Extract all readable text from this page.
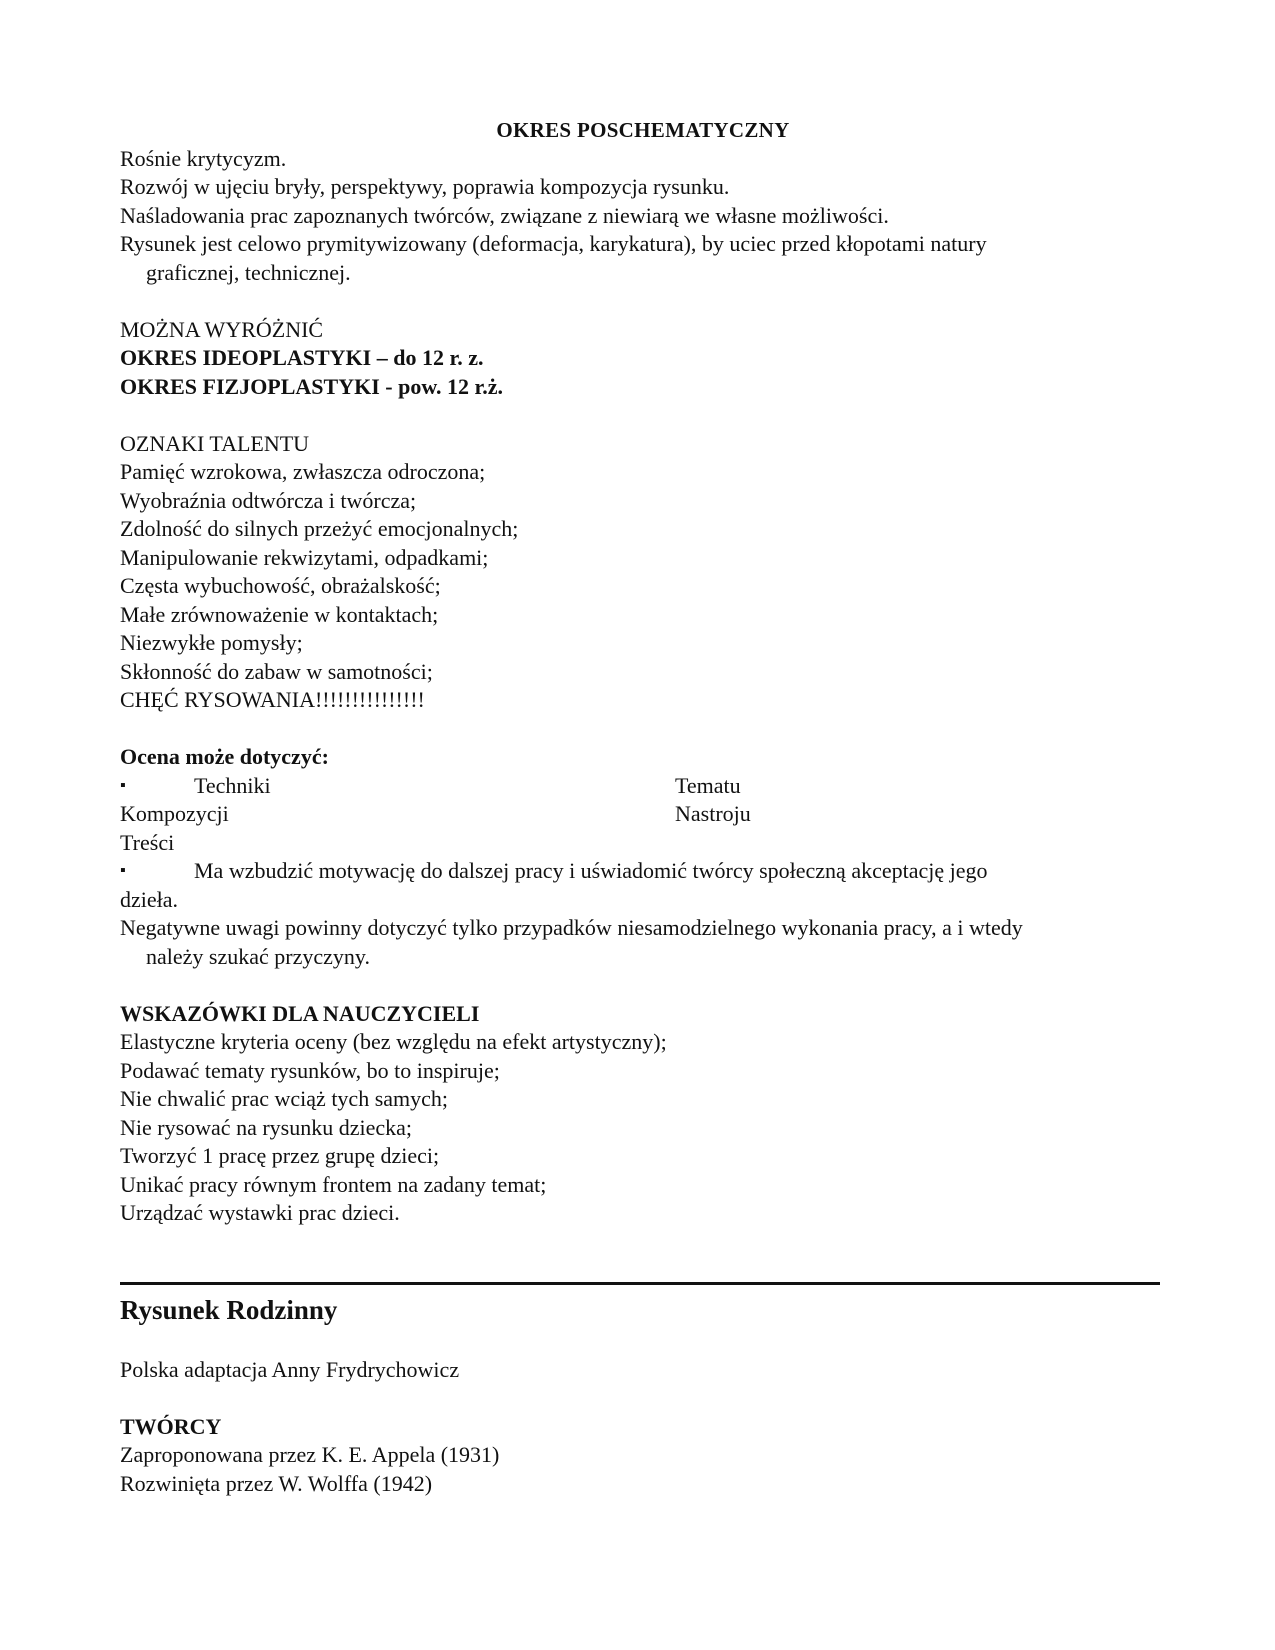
OKRES POSCHEMATYCZNY

Rośnie krytycyzm.

Rozwój w ujęciu bryły, perspektywy, poprawia kompozycja rysunku.

Naśladowania prac zapoznanych twórców, związane z niewiarą we własne możliwości.

Rysunek jest celowo prymitywizowany (deformacja, karykatura), by uciec przed kłopotami natury

graficznej, technicznej.

MOŻNA WYRÓŻNIĆ

OKRES IDEOPLASTYKI – do 12 r. z.

OKRES FIZJOPLASTYKI - pow. 12 r.ż.

OZNAKI TALENTU

Pamięć wzrokowa, zwłaszcza odroczona;

Wyobraźnia odtwórcza i twórcza;

Zdolność do silnych przeżyć emocjonalnych;

Manipulowanie rekwizytami, odpadkami;

Częsta wybuchowość, obrażalskość;

Małe zrównoważenie w kontaktach;

Niezwykłe pomysły;

Skłonność do zabaw w samotności;

CHĘĆ RYSOWANIA!!!!!!!!!!!!!!!

Ocena może dotyczyć:

▪	Techniki	Tematu
Kompozycji	Nastroju
Treści
▪	Ma wzbudzić motywację do dalszej pracy i uświadomić twórcy społeczną akceptację jego

dzieła.

Negatywne uwagi powinny dotyczyć tylko przypadków niesamodzielnego wykonania pracy, a i wtedy

należy szukać przyczyny.

WSKAZÓWKI DLA NAUCZYCIELI

Elastyczne kryteria oceny (bez względu na efekt artystyczny);

Podawać tematy rysunków, bo to inspiruje;

Nie chwalić prac wciąż tych samych;

Nie rysować na rysunku dziecka;

Tworzyć 1 pracę przez grupę dzieci;

Unikać pracy równym frontem na zadany temat;

Urządzać wystawki prac dzieci.

Rysunek Rodzinny

Polska adaptacja Anny Frydrychowicz

TWÓRCY

Zaproponowana przez K. E. Appela (1931)

Rozwinięta przez W. Wolffa (1942)
